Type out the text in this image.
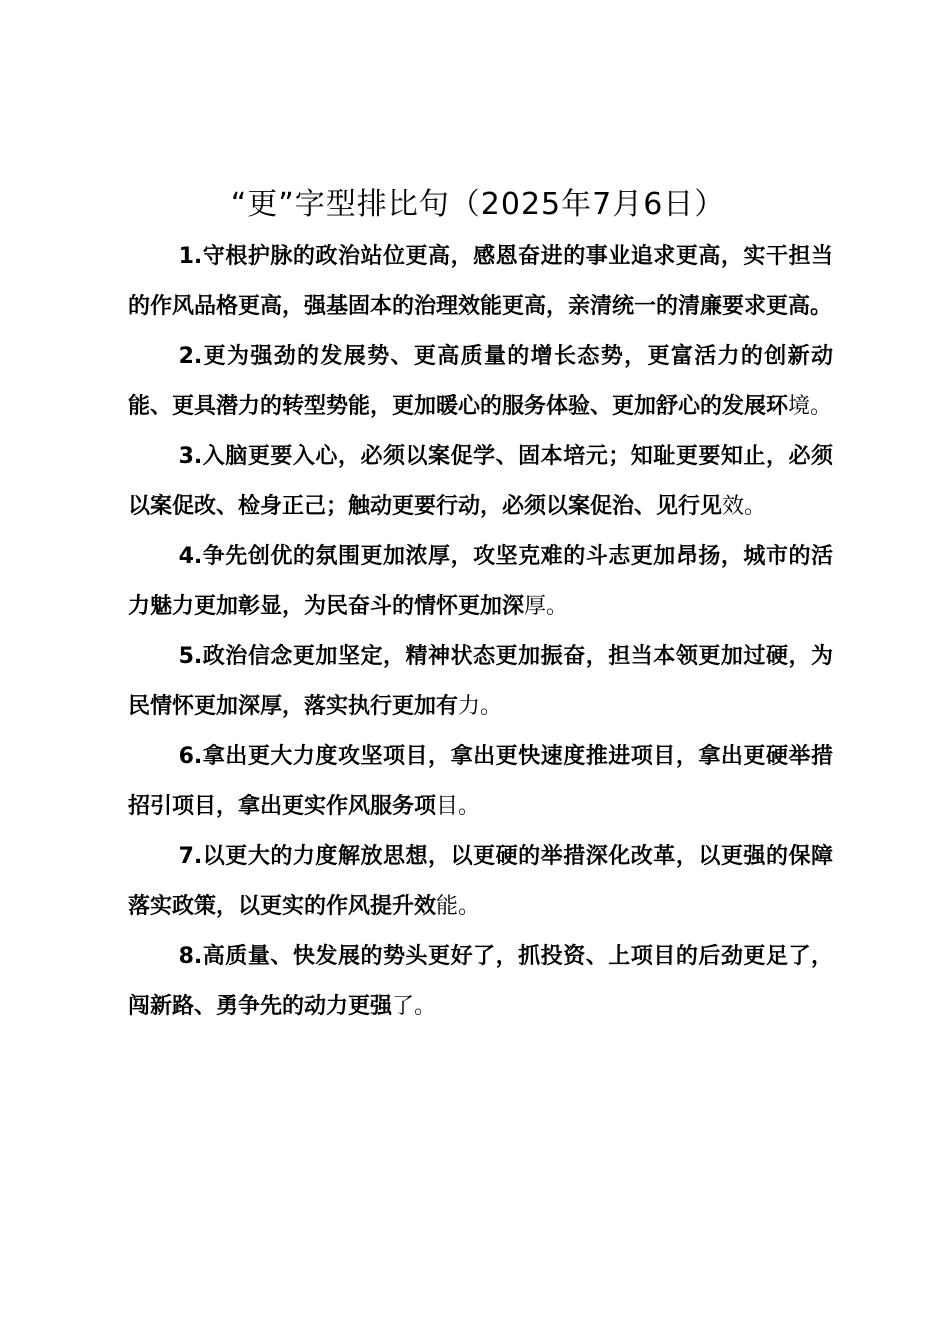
“更”字型排比句（2025年7月6日）

1.守根护脉的政治站位更高，感恩奋进的事业追求更高，实干担当的作风品格更高，强基固本的治理效能更高，亲清统一的清廉要求更高。

2.更为强劲的发展势、更高质量的增长态势，更富活力的创新动能、更具潜力的转型势能，更加暖心的服务体验、更加舒心的发展环境。

3.入脑更要入心，必须以案促学、固本培元；知耻更要知止，必须以案促改、检身正己；触动更要行动，必须以案促治、见行见效。

4.争先创优的氛围更加浓厚，攻坚克难的斗志更加昂扬，城市的活力魅力更加彰显，为民奋斗的情怀更加深厚。

5.政治信念更加坚定，精神状态更加振奋，担当本领更加过硬，为民情怀更加深厚，落实执行更加有力。

6.拿出更大力度攻坚项目，拿出更快速度推进项目，拿出更硬举措招引项目，拿出更实作风服务项目。

7.以更大的力度解放思想，以更硬的举措深化改革，以更强的保障落实政策，以更实的作风提升效能。

8.高质量、快发展的势头更好了，抓投资、上项目的后劲更足了，闯新路、勇争先的动力更强了。
